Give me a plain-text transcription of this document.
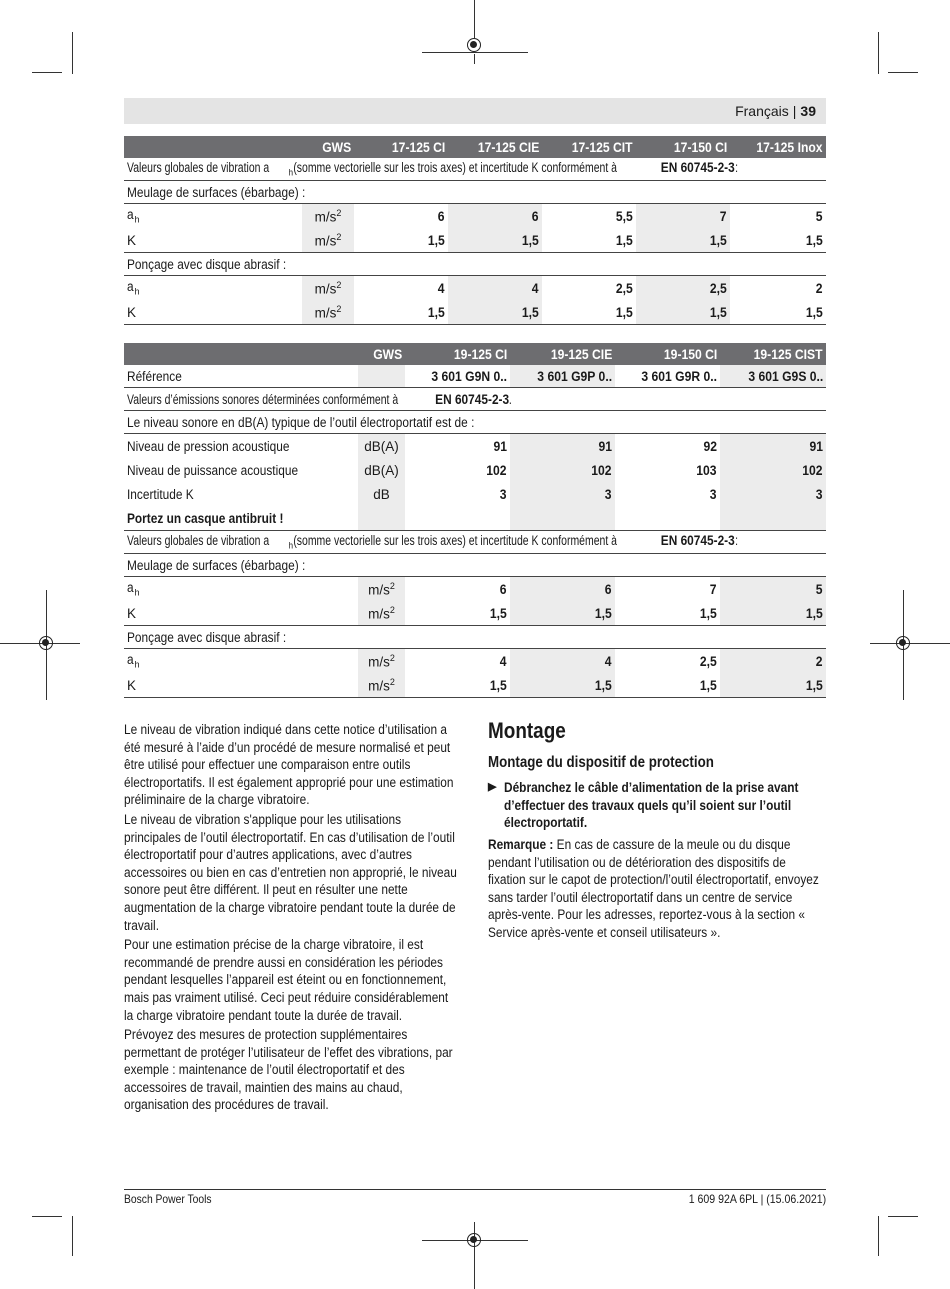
Français | 39
	GWS	17-125 CI	17-125 CIE	17-125 CIT	17-150 CI	17-125 Inox
Valeurs globales de vibration a $_h$(somme vectorielle sur les trois axes) et incertitude K conformément à EN 60745-2-3:						
Meulage de surfaces (ébarbage) :						
$a_h$	$m/s^2$	6	6	5,5	7	5
K	$m/s^2$	1,5	1,5	1,5	1,5	1,5
Ponçage avec disque abrasif :						
$a_h$	$m/s^2$	4	4	2,5	2,5	2
K	$m/s^2$	1,5	1,5	1,5	1,5	1,5
	GWS	19-125 CI	19-125 CIE	19-150 CI	19-125 CIST
Référence		3 601 G9N 0..	3 601 G9P 0..	3 601 G9R 0..	3 601 G9S 0..
Valeurs d’émissions sonores déterminées conformément à EN 60745-2-3.					
Le niveau sonore en dB(A) typique de l’outil électroportatif est de :					
Niveau de pression acoustique	dB(A)	91	91	92	91
Niveau de puissance acoustique	dB(A)	102	102	103	102
Incertitude K	dB	3	3	3	3
Portez un casque antibruit !					
Valeurs globales de vibration a $_h$(somme vectorielle sur les trois axes) et incertitude K conformément à EN 60745-2-3:					
Meulage de surfaces (ébarbage) :					
$a_h$	$m/s^2$	6	6	7	5
K	$m/s^2$	1,5	1,5	1,5	1,5
Ponçage avec disque abrasif :					
$a_h$	$m/s^2$	4	4	2,5	2
K	$m/s^2$	1,5	1,5	1,5	1,5

Le niveau de vibration indiqué dans cette notice d’utilisation a été mesuré à l’aide d’un procédé de mesure normalisé et peut être utilisé pour effectuer une comparaison entre outils électroportatifs. Il est également approprié pour une estimation préliminaire de la charge vibratoire.

Le niveau de vibration s'applique pour les utilisations principales de l’outil électroportatif. En cas d’utilisation de l’outil électroportatif pour d’autres applications, avec d’autres accessoires ou bien en cas d’entretien non approprié, le niveau sonore peut être différent. Il peut en résulter une nette augmentation de la charge vibratoire pendant toute la durée de travail.

Pour une estimation précise de la charge vibratoire, il est recommandé de prendre aussi en considération les périodes pendant lesquelles l’appareil est éteint ou en fonctionnement, mais pas vraiment utilisé. Ceci peut réduire considérablement la charge vibratoire pendant toute la durée de travail.

Prévoyez des mesures de protection supplémentaires permettant de protéger l’utilisateur de l’effet des vibrations, par exemple : maintenance de l’outil électroportatif et des accessoires de travail, maintien des mains au chaud, organisation des procédures de travail.

Montage
Montage du dispositif de protection
▶ Débranchez le câble d’alimentation de la prise avant d’effectuer des travaux quels qu’il soient sur l’outil électroportatif.

Remarque : En cas de cassure de la meule ou du disque pendant l’utilisation ou de détérioration des dispositifs de fixation sur le capot de protection/l’outil électroportatif, envoyez sans tarder l’outil électroportatif dans un centre de service après-vente. Pour les adresses, reportez-vous à la section « Service après-vente et conseil utilisateurs ».

Bosch Power Tools	1 609 92A 6PL | (15.06.2021)
